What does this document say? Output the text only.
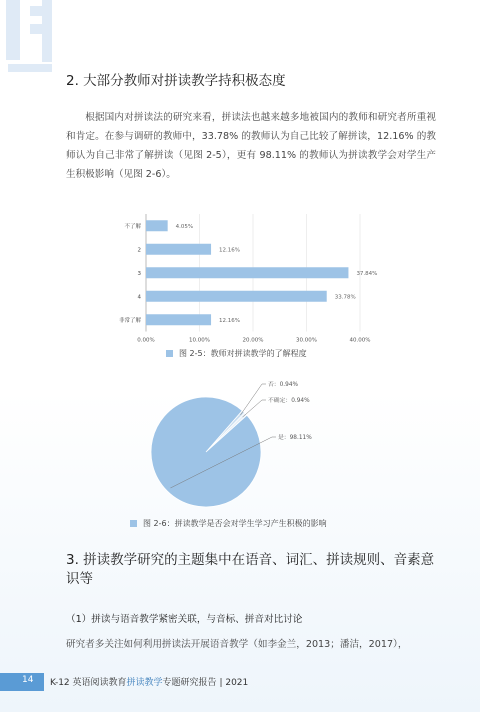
2. 大部分教师对拼读教学持积极态度
根据国内对拼读法的研究来看，拼读法也越来越多地被国内的教师和研究者所重视和肯定。在参与调研的教师中，33.78% 的教师认为自己比较了解拼读，12.16% 的教师认为自己非常了解拼读（见图 2-5），更有 98.11% 的教师认为拼读教学会对学生产生积极影响（见图 2-6）。
4.05%
12.16%
37.84%
33.78%
12.16%
不了解
2
3
4
非常了解
0.00%	10.00%	20.00%	30.00%	40.00%
图 2-5：教师对拼读教学的了解程度
否：0.94%
不确定：0.94%
是：98.11%
图 2-6：拼读教学是否会对学生学习产生积极的影响
3. 拼读教学研究的主题集中在语音、词汇、拼读规则、音素意识等
（1）拼读与语音教学紧密关联，与音标、拼音对比讨论
研究者多关注如何利用拼读法开展语音教学（如李金兰，2013；潘洁，2017），
14 K-12 英语阅读教育拼读教学专题研究报告 | 2021
